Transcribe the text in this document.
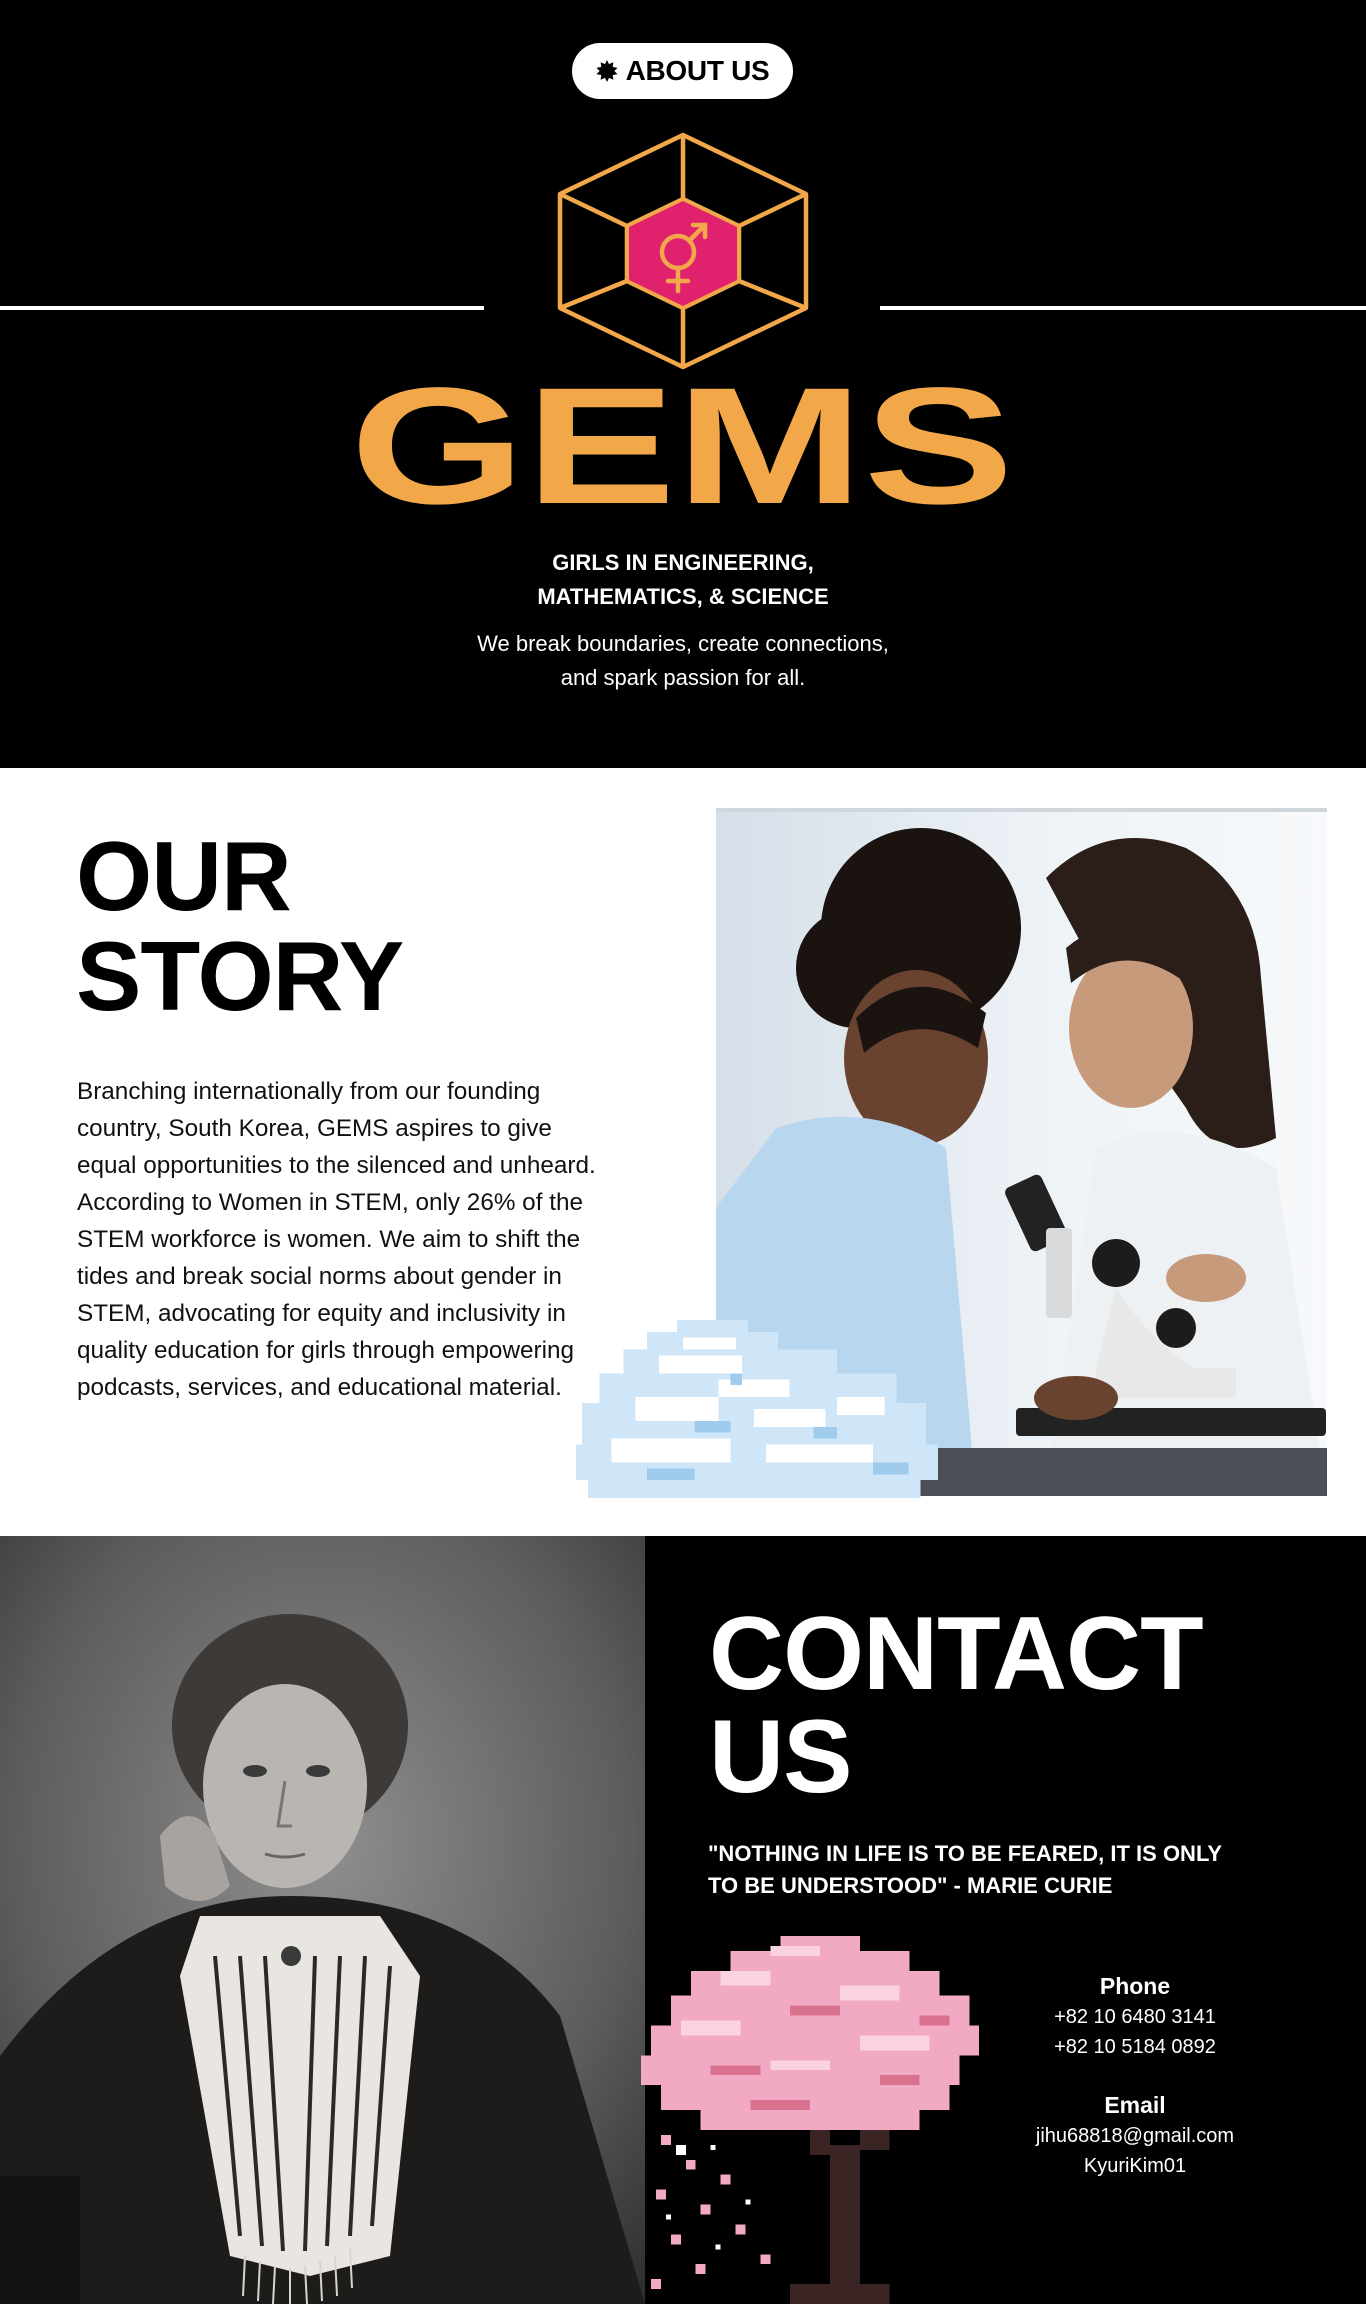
ABOUT US
GEMS
GIRLS IN ENGINEERING,
MATHEMATICS, & SCIENCE
We break boundaries, create connections,
and spark passion for all.
OUR
STORY

Branching internationally from our founding country, South Korea, GEMS aspires to give equal opportunities to the silenced and unheard. According to Women in STEM, only 26% of the STEM workforce is women. We aim to shift the tides and break social norms about gender in STEM, advocating for equity and inclusivity in quality education for girls through empowering podcasts, services, and educational material.

CONTACT
US

"NOTHING IN LIFE IS TO BE FEARED, IT IS ONLY
TO BE UNDERSTOOD" - MARIE CURIE

Phone
+82 10 6480 3141
+82 10 5184 0892
Email
jihu68818@gmail.com
KyuriKim01
